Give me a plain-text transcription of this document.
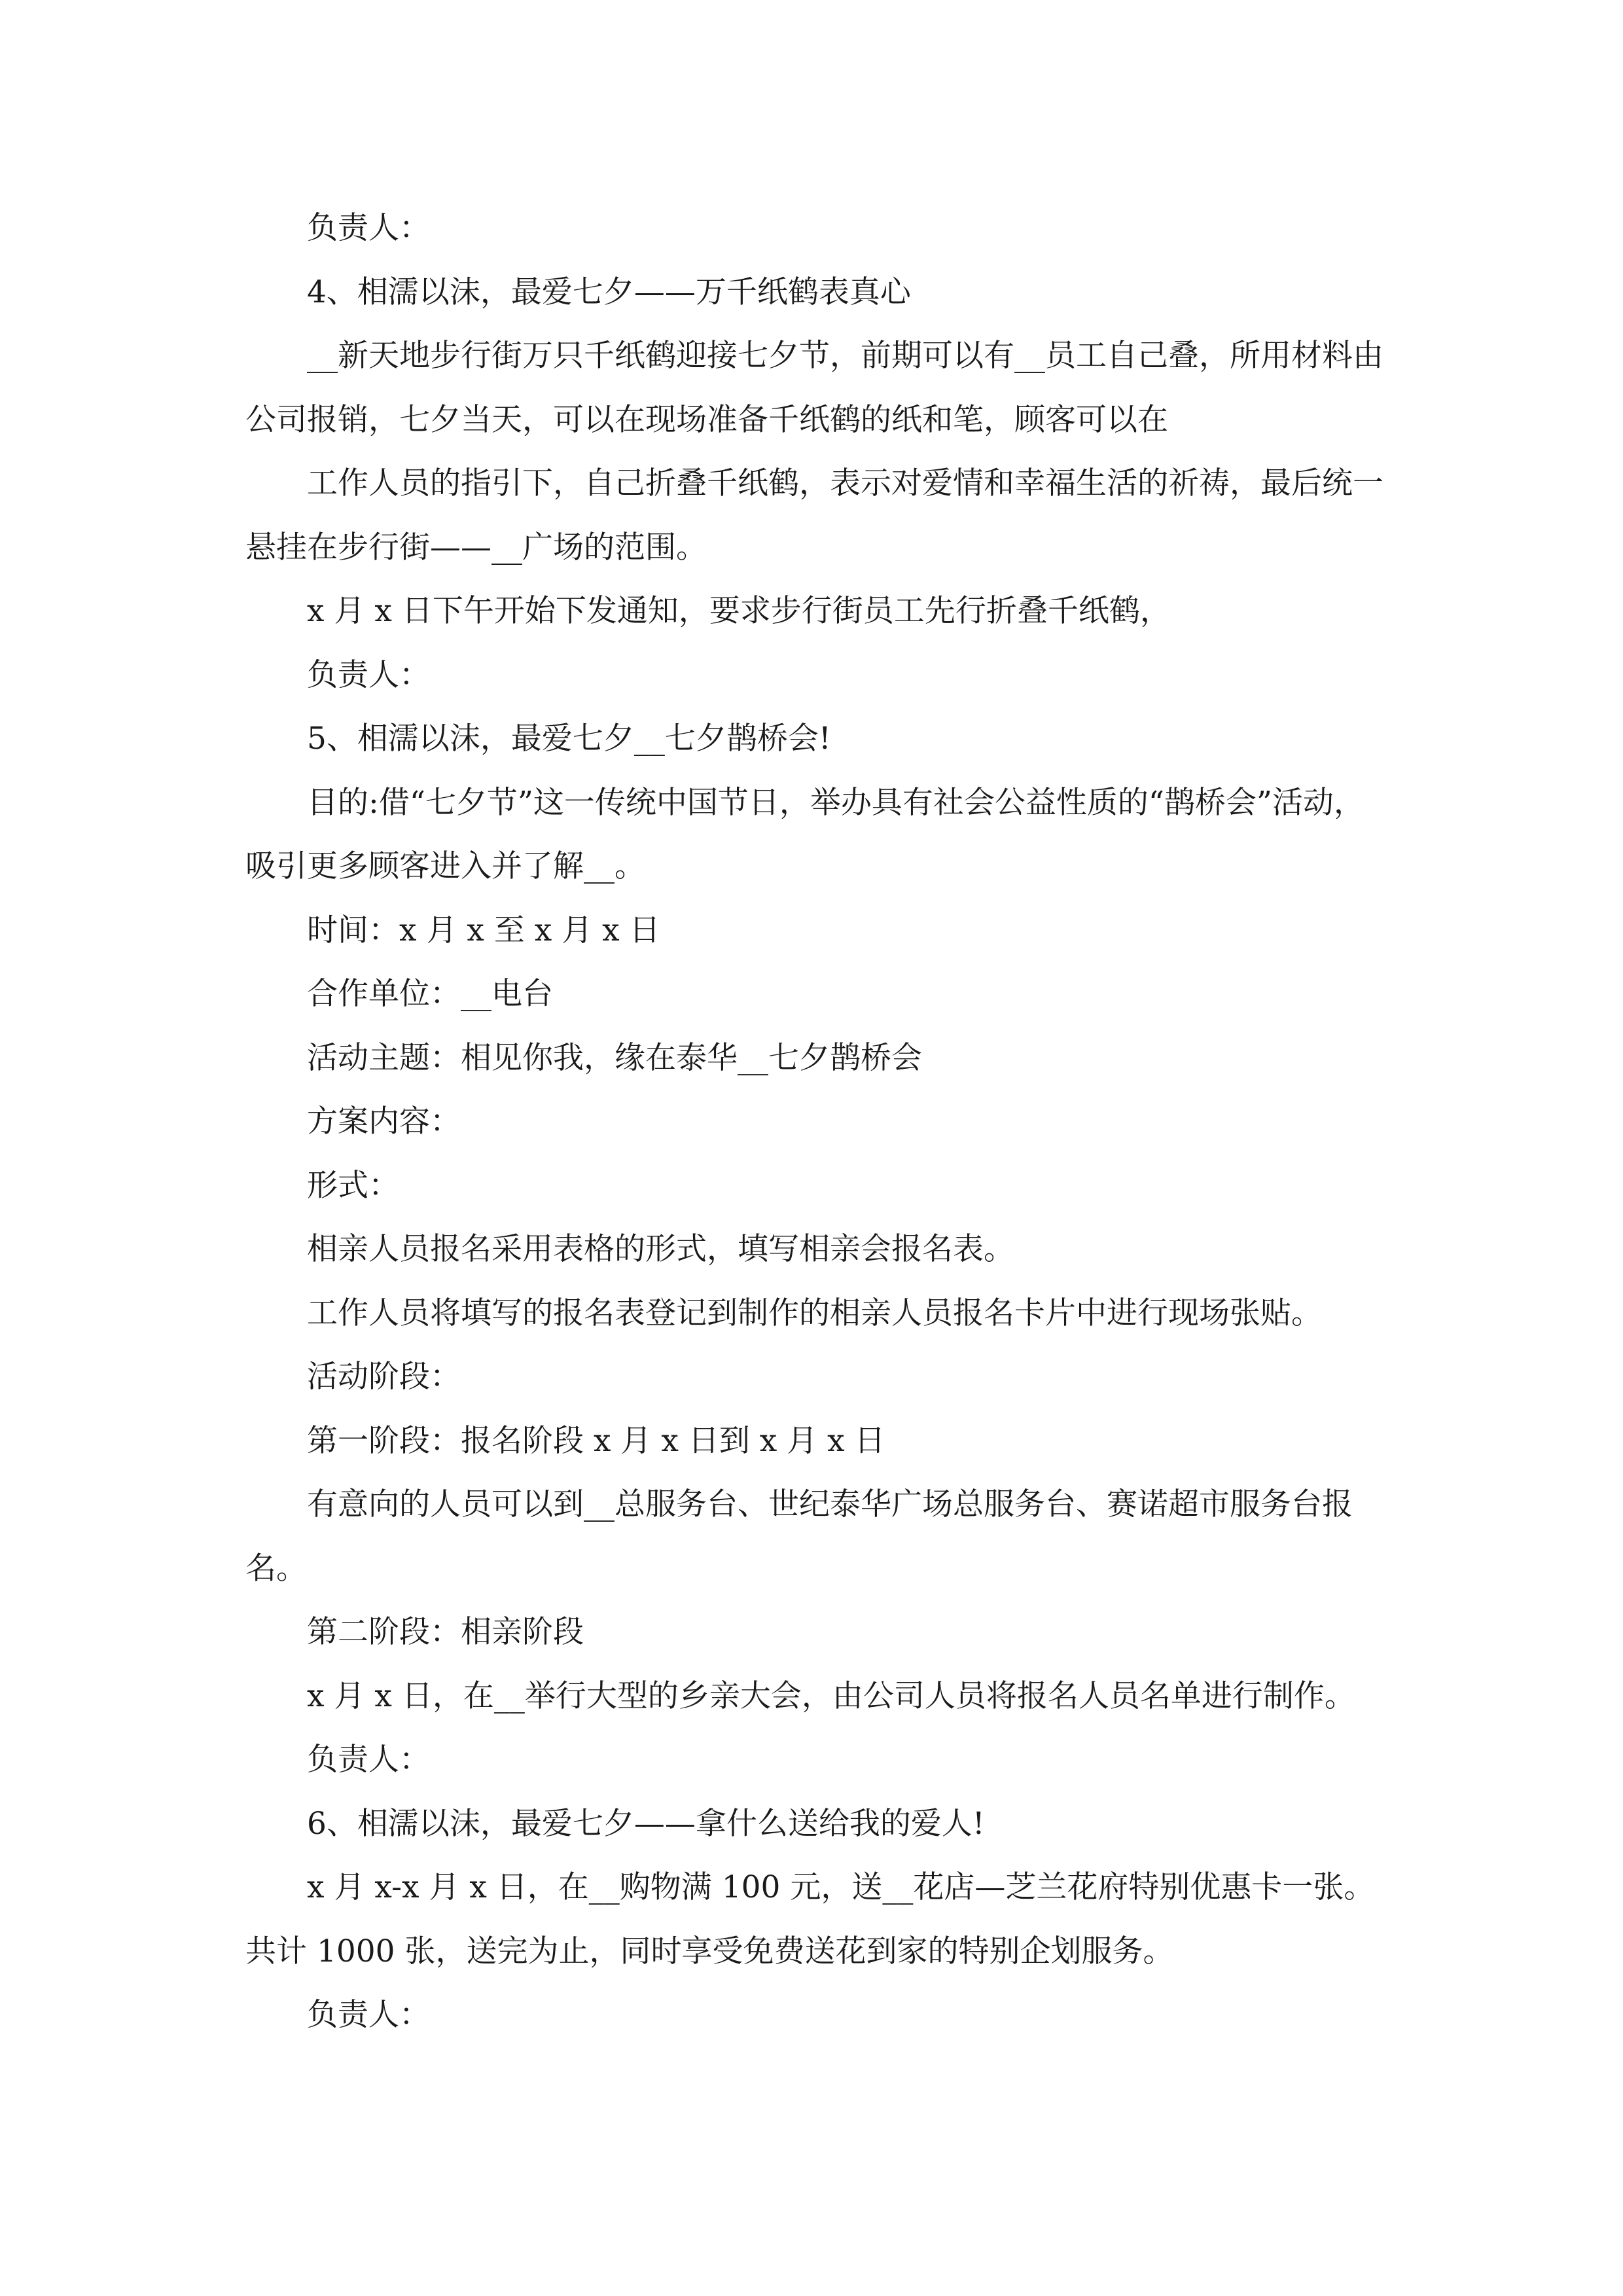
负责人：

4、相濡以沫，最爱七夕——万千纸鹤表真心

__新天地步行街万只千纸鹤迎接七夕节，前期可以有__员工自己叠，所用材料由公司报销，七夕当天，可以在现场准备千纸鹤的纸和笔，顾客可以在

工作人员的指引下，自己折叠千纸鹤，表示对爱情和幸福生活的祈祷，最后统一悬挂在步行街——__广场的范围。

x 月 x 日下午开始下发通知，要求步行街员工先行折叠千纸鹤，

负责人：

5、相濡以沫，最爱七夕__七夕鹊桥会!

目的:借“七夕节”这一传统中国节日，举办具有社会公益性质的“鹊桥会”活动，吸引更多顾客进入并了解__。

时间：x 月 x 至 x 月 x 日

合作单位：__电台

活动主题：相见你我，缘在泰华__七夕鹊桥会

方案内容：

形式：

相亲人员报名采用表格的形式，填写相亲会报名表。

工作人员将填写的报名表登记到制作的相亲人员报名卡片中进行现场张贴。

活动阶段：

第一阶段：报名阶段 x 月 x 日到 x 月 x 日

有意向的人员可以到__总服务台、世纪泰华广场总服务台、赛诺超市服务台报名。

第二阶段：相亲阶段

x 月 x 日，在__举行大型的乡亲大会，由公司人员将报名人员名单进行制作。

负责人：

6、相濡以沫，最爱七夕——拿什么送给我的爱人!

x 月 x-x 月 x 日，在__购物满 100 元，送__花店—芝兰花府特别优惠卡一张。共计 1000 张，送完为止，同时享受免费送花到家的特别企划服务。

负责人：
